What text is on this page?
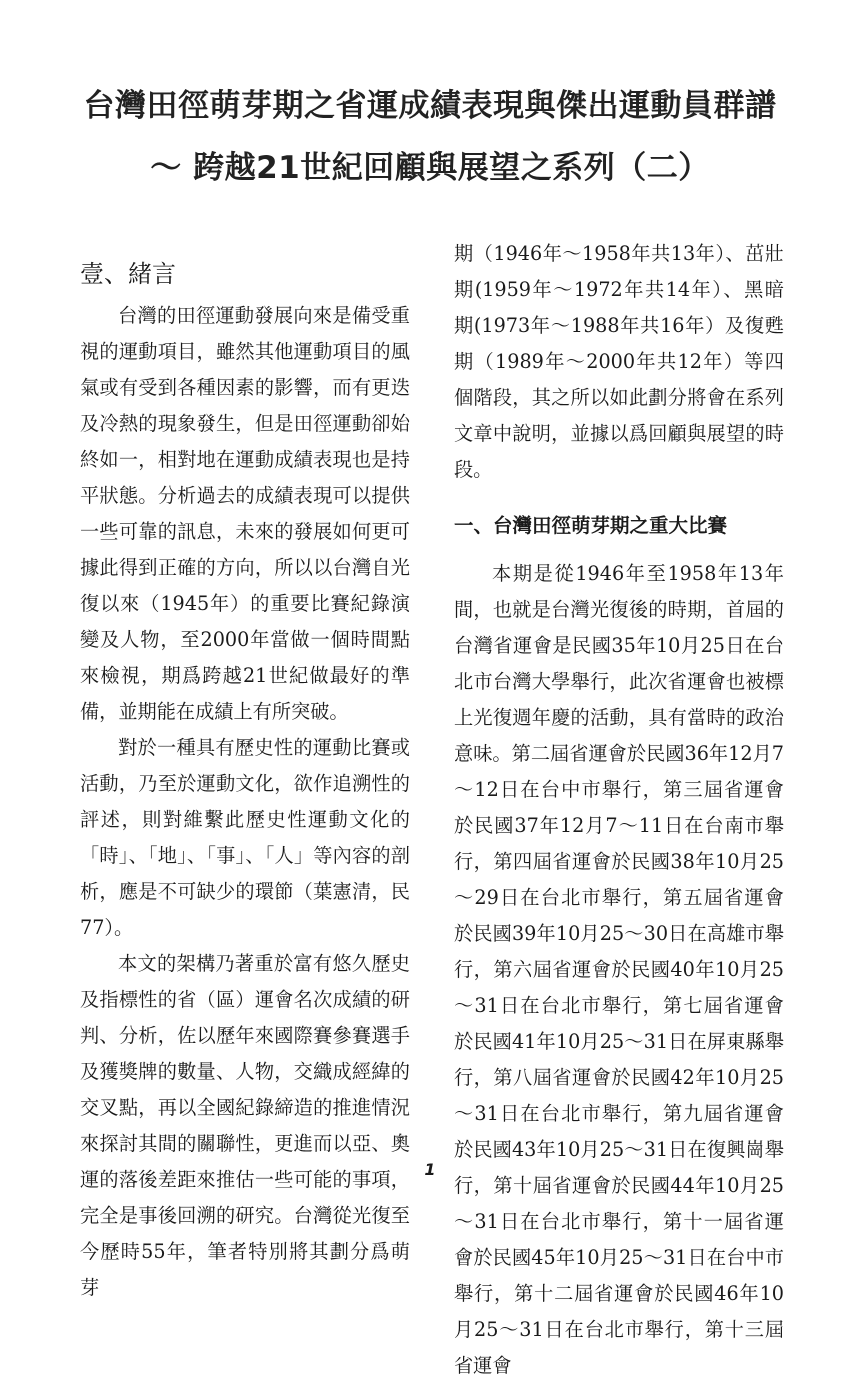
台灣田徑萌芽期之省運成績表現與傑出運動員群譜
～ 跨越21世紀回顧與展望之系列（二）
壹、緒言

台灣的田徑運動發展向來是備受重視的運動項目，雖然其他運動項目的風氣或有受到各種因素的影響，而有更迭及冷熱的現象發生，但是田徑運動卻始終如一，相對地在運動成績表現也是持平狀態。分析過去的成績表現可以提供一些可靠的訊息，未來的發展如何更可據此得到正確的方向，所以以台灣自光復以來（1945年）的重要比賽紀錄演變及人物，至2000年當做一個時間點來檢視，期爲跨越21世紀做最好的準備，並期能在成績上有所突破。

對於一種具有歷史性的運動比賽或活動，乃至於運動文化，欲作追溯性的評述，則對維繫此歷史性運動文化的「時」、「地」、「事」、「人」等內容的剖析，應是不可缺少的環節（葉憲清，民77）。

本文的架構乃著重於富有悠久歷史及指標性的省（區）運會名次成績的研判、分析，佐以歷年來國際賽參賽選手及獲獎牌的數量、人物，交織成經緯的交叉點，再以全國紀錄締造的推進情況來探討其間的關聯性，更進而以亞、奧運的落後差距來推估一些可能的事項，完全是事後回溯的研究。台灣從光復至今歷時55年，筆者特別將其劃分爲萌芽

期（1946年～1958年共13年）、茁壯期(1959年～1972年共14年）、黑暗期(1973年～1988年共16年）及復甦期（1989年～2000年共12年）等四個階段，其之所以如此劃分將會在系列文章中說明，並據以爲回顧與展望的時段。

一、台灣田徑萌芽期之重大比賽

本期是從1946年至1958年13年間，也就是台灣光復後的時期，首屆的台灣省運會是民國35年10月25日在台北市台灣大學舉行，此次省運會也被標上光復週年慶的活動，具有當時的政治意味。第二屆省運會於民國36年12月7～12日在台中市舉行，第三屆省運會於民國37年12月7～11日在台南市舉行，第四屆省運會於民國38年10月25～29日在台北市舉行，第五屆省運會於民國39年10月25～30日在高雄市舉行，第六屆省運會於民國40年10月25～31日在台北市舉行，第七屆省運會於民國41年10月25～31日在屏東縣舉行，第八屆省運會於民國42年10月25～31日在台北市舉行，第九屆省運會於民國43年10月25～31日在復興崗舉行，第十屆省運會於民國44年10月25～31日在台北市舉行，第十一屆省運會於民國45年10月25～31日在台中市舉行，第十二屆省運會於民國46年10月25～31日在台北市舉行，第十三屆省運會

1
